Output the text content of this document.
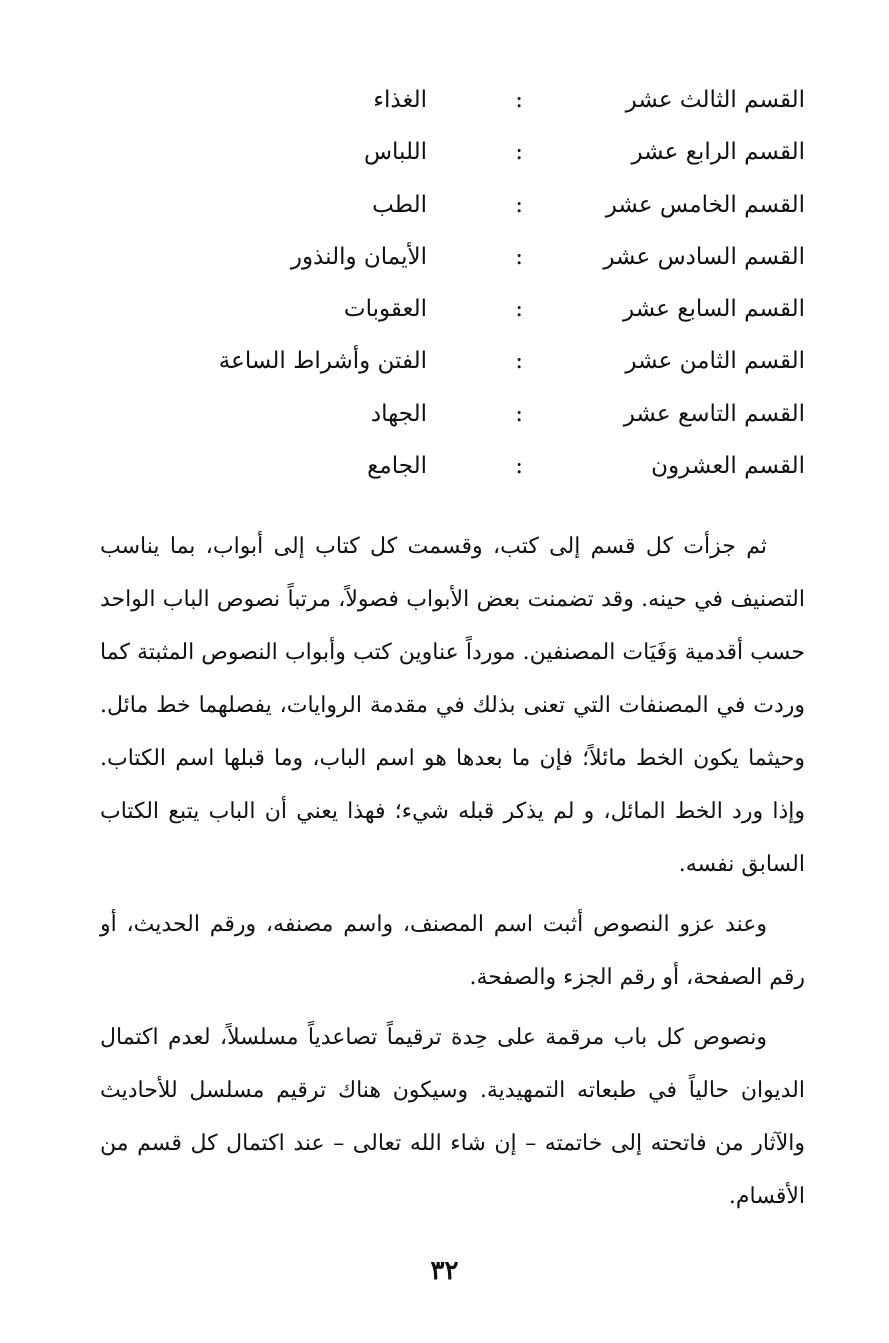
القسم الثالث عشر
:
الغذاء
القسم الرابع عشر
:
اللباس
القسم الخامس عشر
:
الطب
القسم السادس عشر
:
الأيمان والنذور
القسم السابع عشر
:
العقوبات
القسم الثامن عشر
:
الفتن وأشراط الساعة
القسم التاسع عشر
:
الجهاد
القسم العشرون
:
الجامع

ثم جزأت كل قسم إلى كتب، وقسمت كل كتاب إلى أبواب، بما يناسب التصنيف في حينه. وقد تضمنت بعض الأبواب فصولاً، مرتباً نصوص الباب الواحد حسب أقدمية وَفَيَات المصنفين. مورداً عناوين كتب وأبواب النصوص المثبتة كما وردت في المصنفات التي تعنى بذلك في مقدمة الروايات، يفصلهما خط مائل. وحيثما يكون الخط مائلاً؛ فإن ما بعدها هو اسم الباب، وما قبلها اسم الكتاب. وإذا ورد الخط المائل، و لم يذكر قبله شيء؛ فهذا يعني أن الباب يتبع الكتاب السابق نفسه.

وعند عزو النصوص أثبت اسم المصنف، واسم مصنفه، ورقم الحديث، أو رقم الصفحة، أو رقم الجزء والصفحة.

ونصوص كل باب مرقمة على حِدة ترقيماً تصاعدياً مسلسلاً، لعدم اكتمال الديوان حالياً في طبعاته التمهيدية. وسيكون هناك ترقيم مسلسل للأحاديث والآثار من فاتحته إلى خاتمته – إن شاء الله تعالى – عند اكتمال كل قسم من الأقسام.

٣٢
